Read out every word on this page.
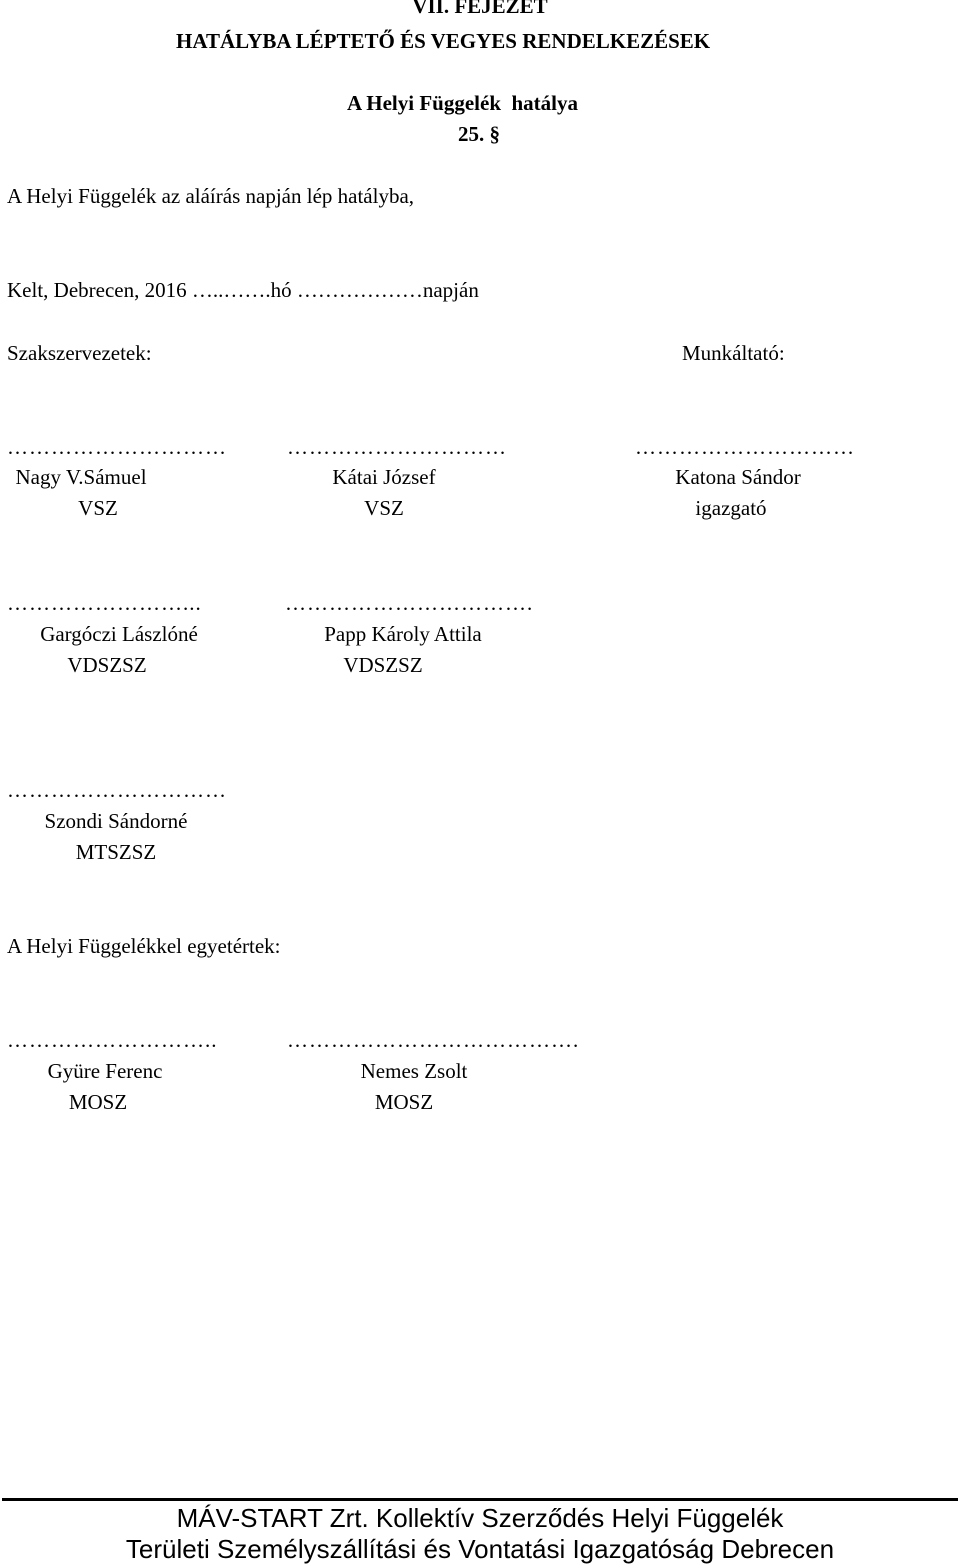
VII. FEJEZET
HATÁLYBA LÉPTETŐ ÉS VEGYES RENDELKEZÉSEK
A Helyi Függelék  hatálya
25. §
A Helyi Függelék az aláírás napján lép hatályba,
Kelt, Debrecen, 2016 …..…….hó ………………napján
Szakszervezetek:	Munkáltató:
…………………………	…………………………	…………………………
Nagy V.Sámuel	Kátai József	Katona Sándor
VSZ	VSZ	igazgató
……………………...	…………………………….
Gargóczi Lászlóné	Papp Károly Attila
VDSZSZ	VDSZSZ
…………………………
Szondi Sándorné
MTSZSZ
A Helyi Függelékkel egyetértek:
………………………..	………………………………….
Gyüre Ferenc	Nemes Zsolt
MOSZ	MOSZ
MÁV-START Zrt. Kollektív Szerződés Helyi Függelék
Területi Személyszállítási és Vontatási Igazgatóság Debrecen
